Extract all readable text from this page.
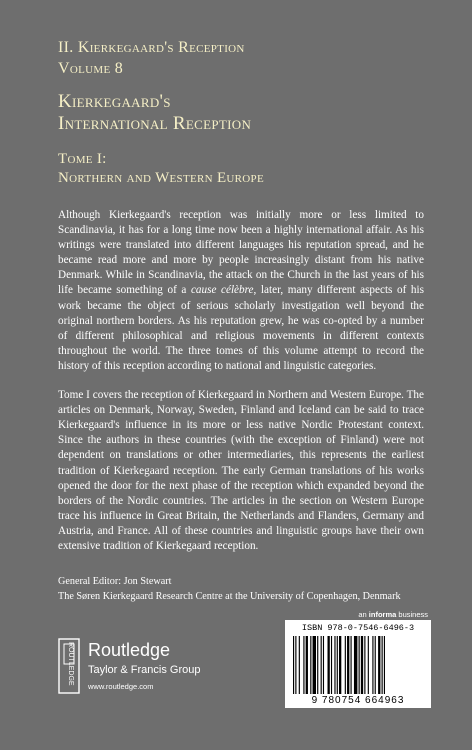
II. Kierkegaard's Reception
Volume 8
Kierkegaard's
International Reception
Tome I:
Northern and Western Europe

Although Kierkegaard's reception was initially more or less limited to Scandinavia, it has for a long time now been a highly international affair. As his writings were translated into different languages his reputation spread, and he became read more and more by people increasingly distant from his native Denmark. While in Scandinavia, the attack on the Church in the last years of his life became something of a cause célèbre, later, many different aspects of his work became the object of serious scholarly investigation well beyond the original northern borders. As his reputation grew, he was co-opted by a number of different philosophical and religious movements in different contexts throughout the world. The three tomes of this volume attempt to record the history of this reception according to national and linguistic categories.

Tome I covers the reception of Kierkegaard in Northern and Western Europe. The articles on Denmark, Norway, Sweden, Finland and Iceland can be said to trace Kierkegaard's influence in its more or less native Nordic Protestant context. Since the authors in these countries (with the exception of Finland) were not dependent on translations or other intermediaries, this represents the earliest tradition of Kierkegaard reception. The early German translations of his works opened the door for the next phase of the reception which expanded beyond the borders of the Nordic countries. The articles in the section on Western Europe trace his influence in Great Britain, the Netherlands and Flanders, Germany and Austria, and France. All of these countries and linguistic groups have their own extensive tradition of Kierkegaard reception.

General Editor: Jon Stewart
The Søren Kierkegaard Research Centre at the University of Copenhagen, Denmark
an informa business
ISBN 978-0-7546-6496-3
9 780754 664963
ROUTLEDGE Routledge
Taylor & Francis Group
www.routledge.com
